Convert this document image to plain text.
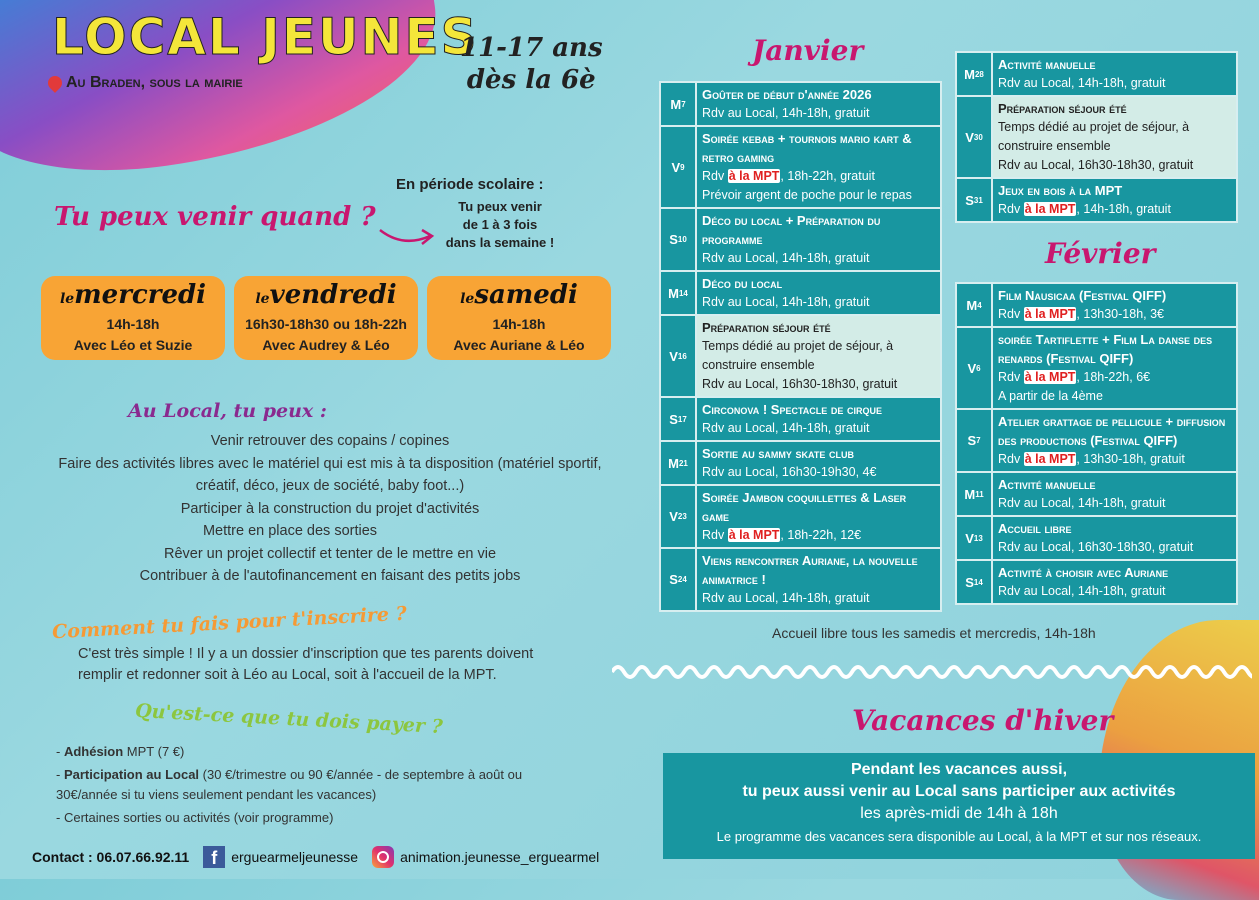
LOCAL JEUNES
Au Braden, sous la mairie
11-17 ans
dès la 6è
Tu peux venir quand ?
En période scolaire :
Tu peux venir
de 1 à 3 fois
dans la semaine !
lemercredi
14h-18h
Avec Léo et Suzie
levendredi
16h30-18h30 ou 18h-22h
Avec Audrey & Léo
lesamedi
14h-18h
Avec Auriane & Léo
Au Local, tu peux :
Venir retrouver des copains / copines
Faire des activités libres avec le matériel qui est mis à ta disposition (matériel sportif, créatif, déco, jeux de société, baby foot...)
Participer à la construction du projet d'activités
Mettre en place des sorties
Rêver un projet collectif et tenter de le mettre en vie
Contribuer à de l'autofinancement en faisant des petits jobs
Comment tu fais pour t'inscrire ?
C'est très simple ! Il y a un dossier d'inscription que tes parents doivent remplir et redonner soit à Léo au Local, soit à l'accueil de la MPT.
Qu'est-ce que tu dois payer ?
- Adhésion MPT (7 €)
- Participation au Local (30 €/trimestre ou 90 €/année - de septembre à août ou 30€/année si tu viens seulement pendant les vacances)
- Certaines sorties ou activités (voir programme)
Contact : 06.07.66.92.11	f	erguearmeljeunesse	animation.jeunesse_erguearmel
Janvier
M 7
Goûter de début d'année 2026
Rdv au Local, 14h-18h, gratuit
V 9
Soirée kebab + tournois mario kart & retro gaming
Rdv à la MPT, 18h-22h, gratuit
Prévoir argent de poche pour le repas
S 10
Déco du local + Préparation du programme
Rdv au Local, 14h-18h, gratuit
M 14
Déco du local
Rdv au Local, 14h-18h, gratuit
V 16
Préparation séjour été
Temps dédié au projet de séjour, à construire ensemble
Rdv au Local, 16h30-18h30, gratuit
S 17
Circonova ! Spectacle de cirque
Rdv au Local, 14h-18h, gratuit
M 21
Sortie au sammy skate club
Rdv au Local, 16h30-19h30, 4€
V 23
Soirée Jambon coquillettes & Laser game
Rdv à la MPT, 18h-22h, 12€
S 24
Viens rencontrer Auriane, la nouvelle animatrice !
Rdv au Local, 14h-18h, gratuit
M 28
Activité manuelle
Rdv au Local, 14h-18h, gratuit
V 30
Préparation séjour été
Temps dédié au projet de séjour, à construire ensemble
Rdv au Local, 16h30-18h30, gratuit
S 31
Jeux en bois à la MPT
Rdv à la MPT, 14h-18h, gratuit
Février
M 4
Film Nausicaa (Festival QIFF)
Rdv à la MPT, 13h30-18h, 3€
V 6
soirée Tartiflette + Film La danse des renards (Festival QIFF)
Rdv à la MPT, 18h-22h, 6€
A partir de la 4ème
S 7
Atelier grattage de pellicule + diffusion des productions (Festival QIFF)
Rdv à la MPT, 13h30-18h, gratuit
M 11
Activité manuelle
Rdv au Local, 14h-18h, gratuit
V 13
Accueil libre
Rdv au Local, 16h30-18h30, gratuit
S 14
Activité à choisir avec Auriane
Rdv au Local, 14h-18h, gratuit
Accueil libre tous les samedis et mercredis, 14h-18h
Vacances d'hiver
Pendant les vacances aussi,
tu peux aussi venir au Local sans participer aux activités
les après-midi de 14h à 18h
Le programme des vacances sera disponible au Local, à la MPT et sur nos réseaux.
